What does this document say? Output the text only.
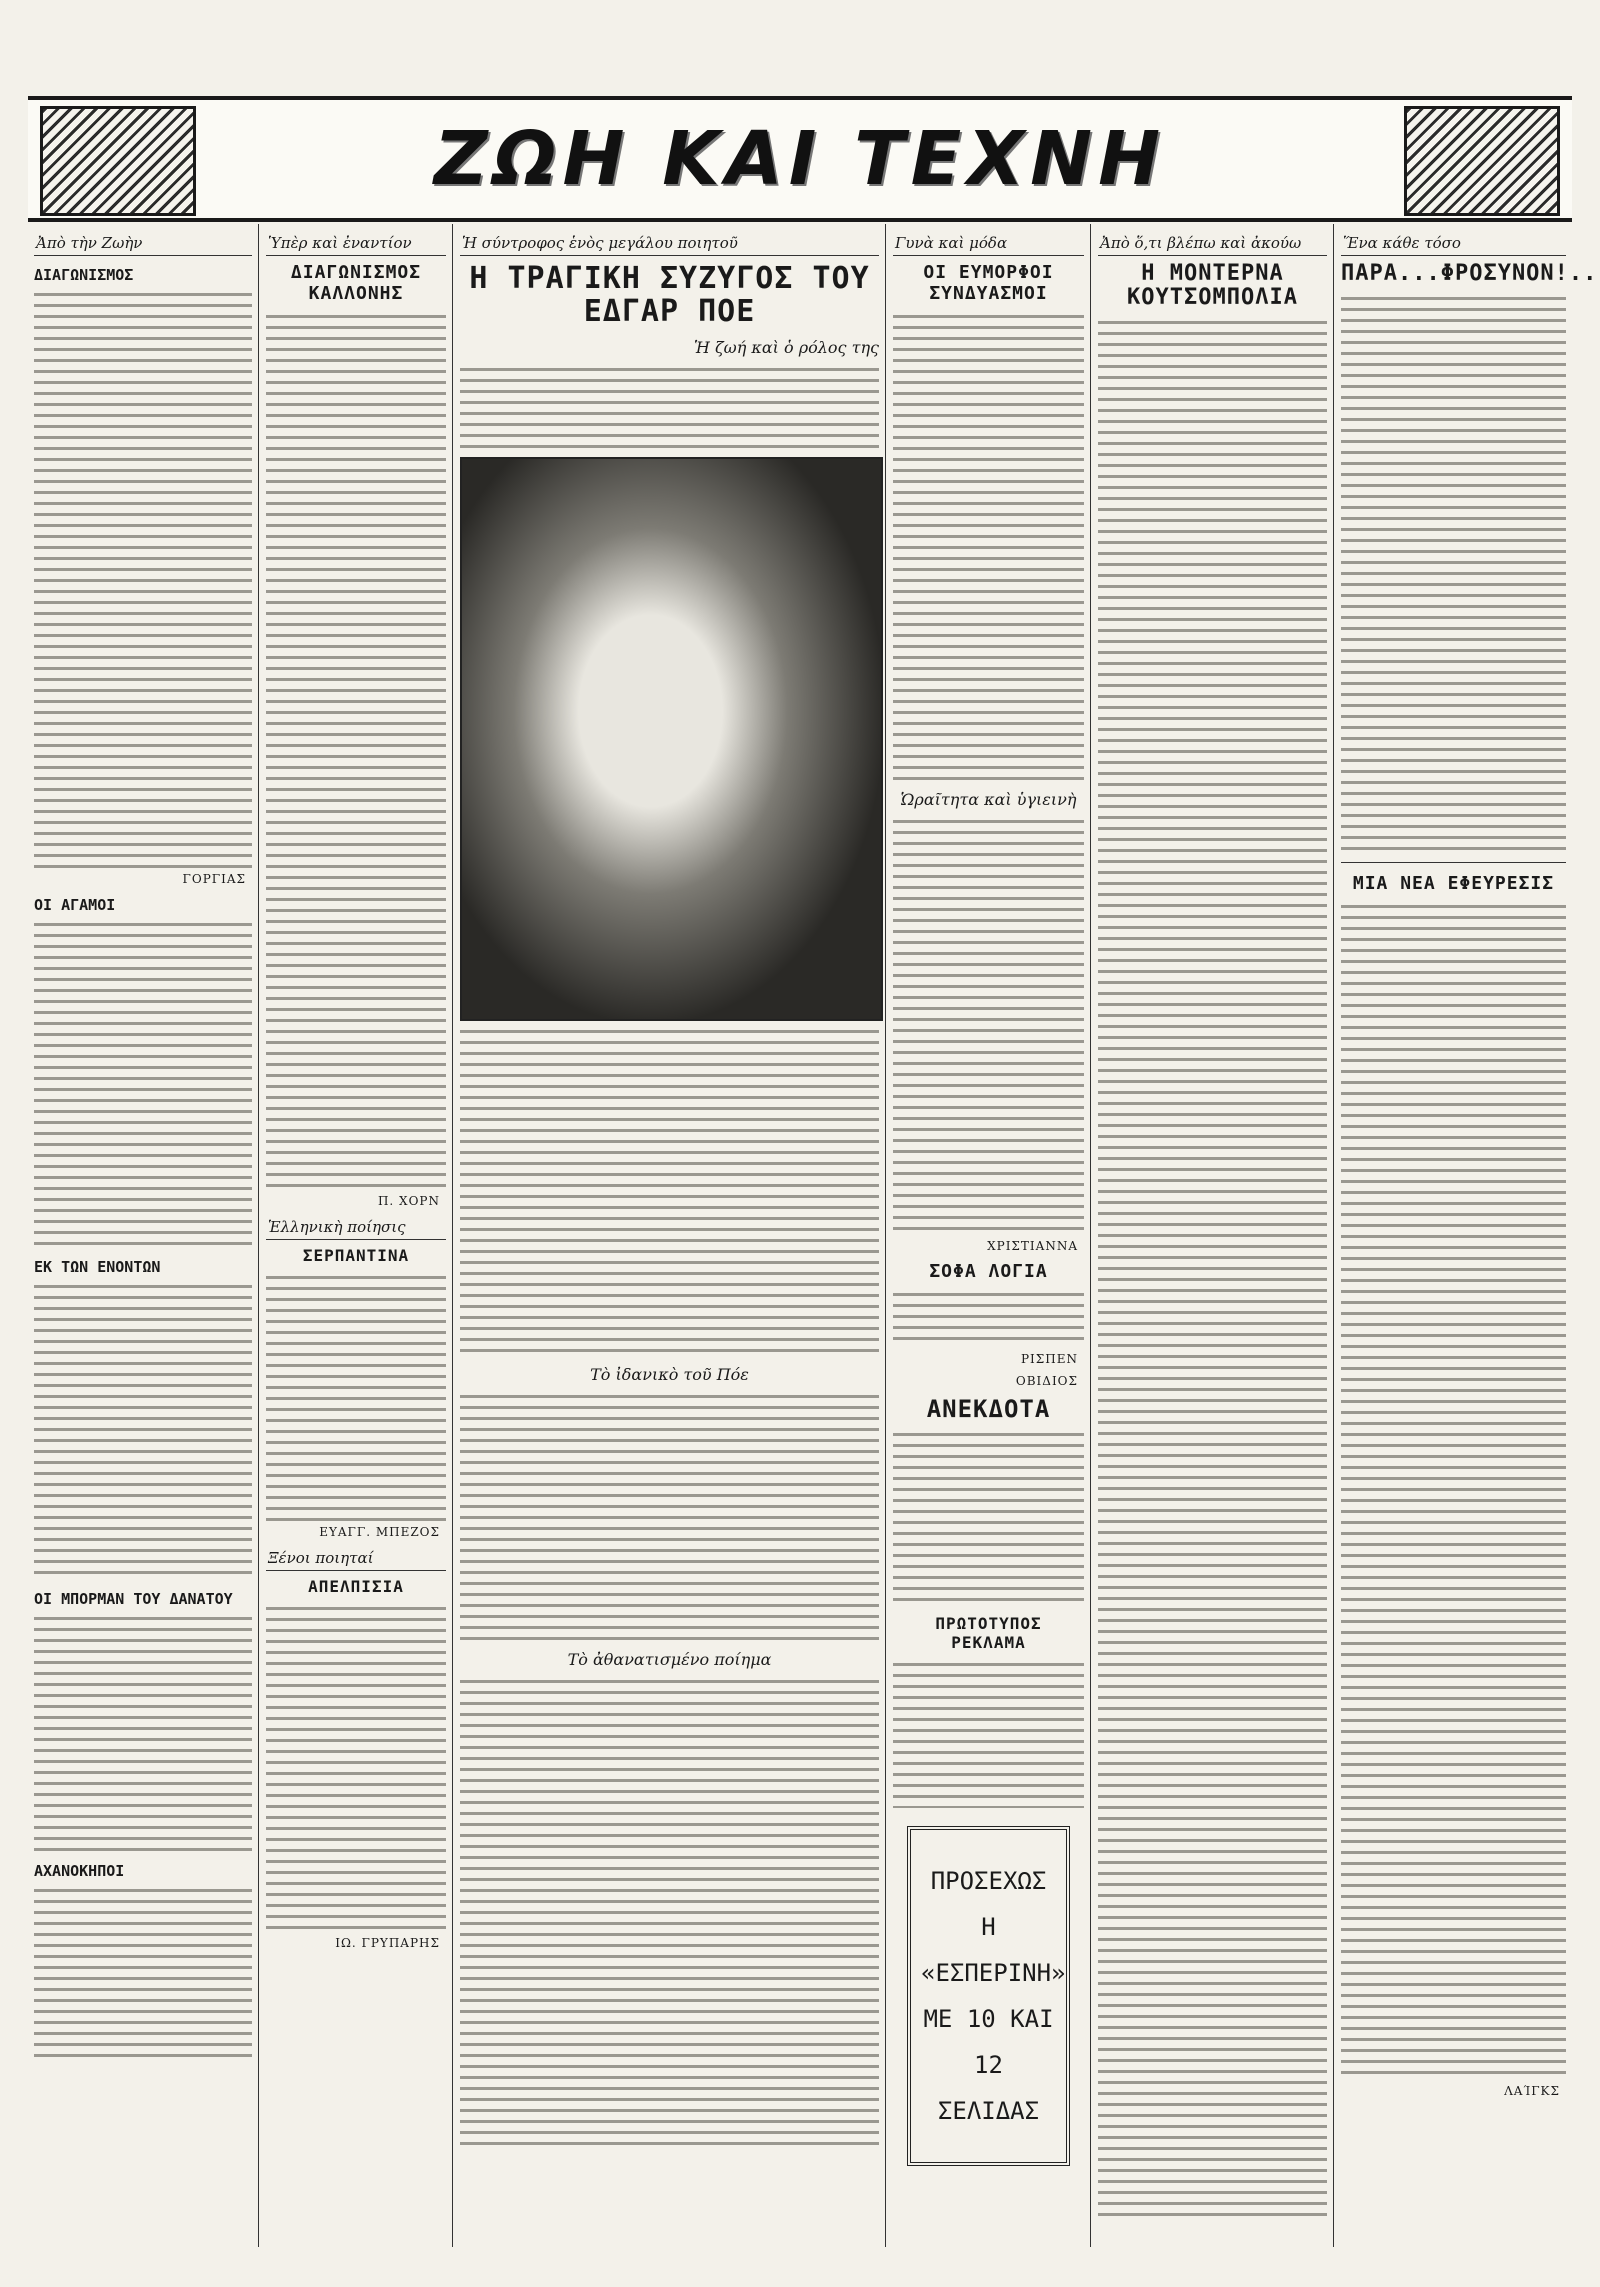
ΖΩΗ ΚΑΙ ΤΕΧΝΗ
Ἀπὸ τὴν Ζωὴν
ΔΙΑΓΩΝΙΣΜΟΣ
ΓΟΡΓΙΑΣ
ΟΙ ΑΓΑΜΟΙ
ΕΚ ΤΩΝ ΕΝΟΝΤΩΝ
ΟΙ ΜΠΟΡΜΑΝ ΤΟΥ ΔΑΝΑΤΟΥ
ΑΧΑΝΟΚΗΠΟΙ
Ὑπὲρ καὶ ἐναντίον
ΔΙΑΓΩΝΙΣΜΟΣ ΚΑΛΛΟΝΗΣ
Π. ΧΟΡΝ
Ἑλληνικὴ ποίησις
ΣΕΡΠΑΝΤΙΝΑ
ΕΥΑΓΓ. ΜΠΕΖΟΣ
Ξένοι ποιηταί
ΑΠΕΛΠΙΣΙΑ
ΙΩ. ΓΡΥΠΑΡΗΣ
Ἡ σύντροφος ἑνὸς μεγάλου ποιητοῦ
Η ΤΡΑΓΙΚΗ ΣΥΖΥΓΟΣ ΤΟΥ ΕΔΓΑΡ ΠΟΕ
Ἡ ζωή καὶ ὁ ρόλος της
Τὸ ἰδανικὸ τοῦ Πόε
Τὸ ἀθανατισμένο ποίημα
Γυνὰ καὶ μόδα
ΟΙ ΕΥΜΟΡΦΟΙ ΣΥΝΔΥΑΣΜΟΙ
Ὡραῖτητα καὶ ὑγιεινὴ
ΧΡΙΣΤΙΑΝΝΑ
ΣΟΦΑ ΛΟΓΙΑ
ΡΙΣΠΕΝ
ΟΒΙΔΙΟΣ
ΑΝΕΚΔΟΤΑ
ΠΡΩΤΟΤΥΠΟΣ ΡΕΚΛΑΜΑ
ΠΡΟΣΕΧΩΣ
Η «ΕΣΠΕΡΙΝΗ»
ΜΕ 10 ΚΑΙ 12
ΣΕΛΙΔΑΣ
Ἀπὸ ὅ,τι βλέπω καὶ ἀκούω
Η ΜΟΝΤΕΡΝΑ ΚΟΥΤΣΟΜΠΟΛΙΑ
Ἕνα κάθε τόσο
ΠΑΡΑ...ΦΡΟΣΥΝΟΝ!..
ΜΙΑ ΝΕΑ ΕΦΕΥΡΕΣΙΣ
ΛΑΊΓΚΣ
